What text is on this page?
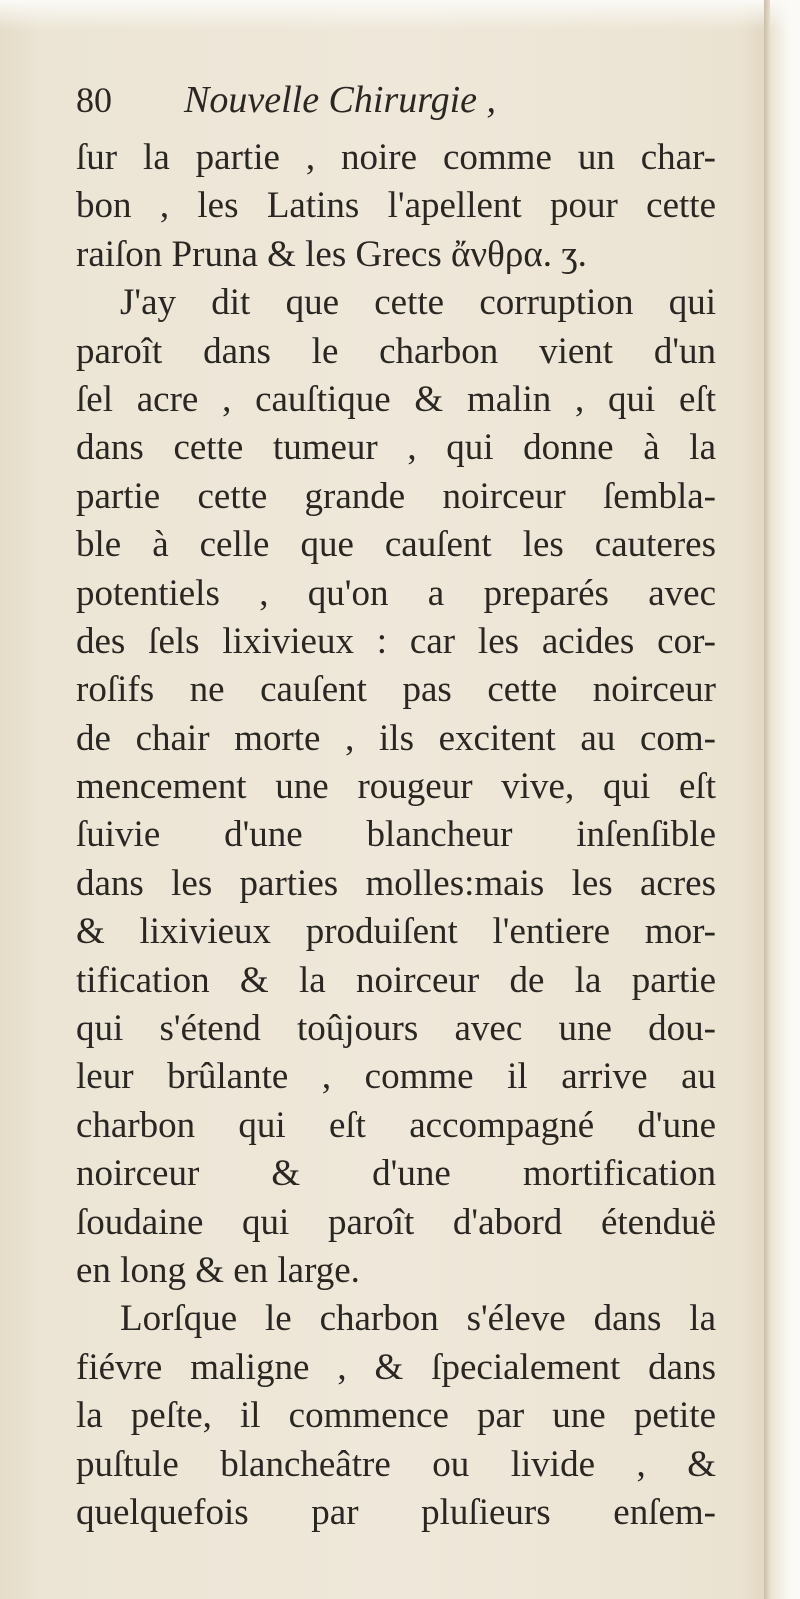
80 Nouvelle Chirurgie ,
ſur la partie , noire comme un char-
bon , les Latins l'apellent pour cette
raiſon Pruna & les Grecs ἄνθρα. ʒ.
J'ay dit que cette corruption qui
paroît dans le charbon vient d'un
ſel acre , cauſtique & malin , qui eſt
dans cette tumeur , qui donne à la
partie cette grande noirceur ſembla-
ble à celle que cauſent les cauteres
potentiels , qu'on a preparés avec
des ſels lixivieux : car les acides cor-
roſifs ne cauſent pas cette noirceur
de chair morte , ils excitent au com-
mencement une rougeur vive, qui eſt
ſuivie d'une blancheur inſenſible
dans les parties molles:mais les acres
& lixivieux produiſent l'entiere mor-
tification & la noirceur de la partie
qui s'étend toûjours avec une dou-
leur brûlante , comme il arrive au
charbon qui eſt accompagné d'une
noirceur & d'une mortification
ſoudaine qui paroît d'abord étenduë
en long & en large.
Lorſque le charbon s'éleve dans la
fiévre maligne , & ſpecialement dans
la peſte, il commence par une petite
puſtule blancheâtre ou livide , &
quelquefois par pluſieurs enſem-
